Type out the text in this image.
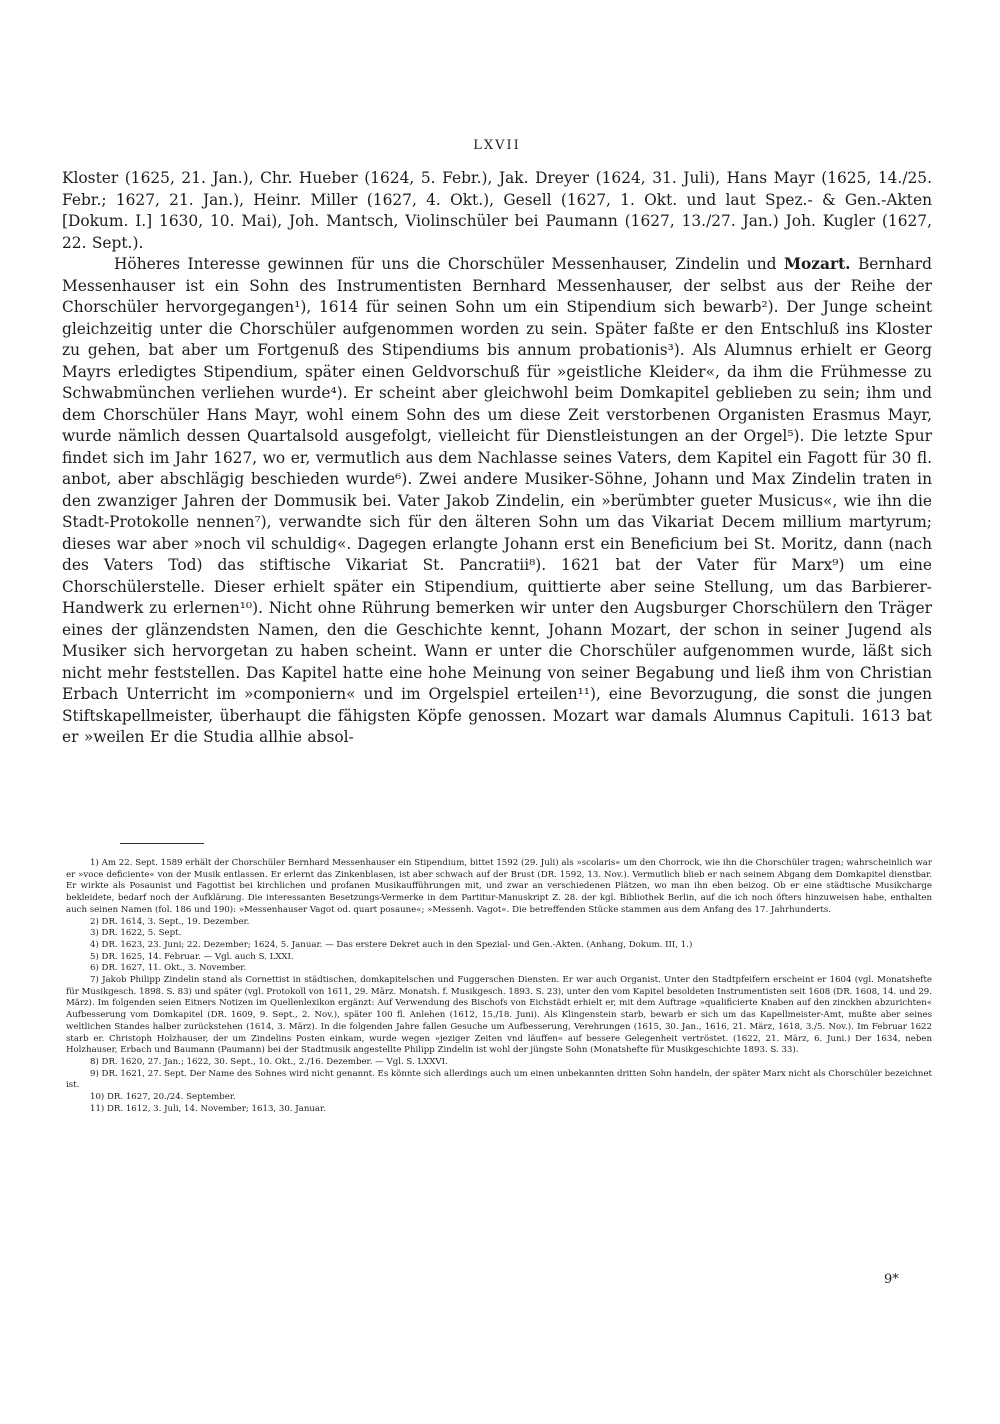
LXVII

Kloster (1625, 21. Jan.), Chr. Hueber (1624, 5. Febr.), Jak. Dreyer (1624, 31. Juli), Hans Mayr (1625, 14./25. Febr.; 1627, 21. Jan.), Heinr. Miller (1627, 4. Okt.), Gesell (1627, 1. Okt. und laut Spez.- & Gen.-Akten [Dokum. I.] 1630, 10. Mai), Joh. Mantsch, Violinschüler bei Paumann (1627, 13./27. Jan.) Joh. Kugler (1627, 22. Sept.).

Höheres Interesse gewinnen für uns die Chorschüler Messenhauser, Zindelin und Mozart. Bernhard Messenhauser ist ein Sohn des Instrumentisten Bernhard Messenhauser, der selbst aus der Reihe der Chorschüler hervorgegangen¹), 1614 für seinen Sohn um ein Stipendium sich bewarb²). Der Junge scheint gleichzeitig unter die Chorschüler aufgenommen worden zu sein. Später faßte er den Entschluß ins Kloster zu gehen, bat aber um Fortgenuß des Stipendiums bis annum probationis³). Als Alumnus erhielt er Georg Mayrs erledigtes Stipendium, später einen Geldvorschuß für »geistliche Kleider«, da ihm die Frühmesse zu Schwabmünchen verliehen wurde⁴). Er scheint aber gleichwohl beim Domkapitel geblieben zu sein; ihm und dem Chorschüler Hans Mayr, wohl einem Sohn des um diese Zeit verstorbenen Organisten Erasmus Mayr, wurde nämlich dessen Quartalsold ausgefolgt, vielleicht für Dienstleistungen an der Orgel⁵). Die letzte Spur findet sich im Jahr 1627, wo er, vermutlich aus dem Nachlasse seines Vaters, dem Kapitel ein Fagott für 30 fl. anbot, aber abschlägig beschieden wurde⁶). Zwei andere Musiker-Söhne, Johann und Max Zindelin traten in den zwanziger Jahren der Dommusik bei. Vater Jakob Zindelin, ein »berümbter gueter Musicus«, wie ihn die Stadt-Protokolle nennen⁷), verwandte sich für den älteren Sohn um das Vikariat Decem millium martyrum; dieses war aber »noch vil schuldig«. Dagegen erlangte Johann erst ein Beneficium bei St. Moritz, dann (nach des Vaters Tod) das stiftische Vikariat St. Pancratii⁸). 1621 bat der Vater für Marx⁹) um eine Chorschülerstelle. Dieser erhielt später ein Stipendium, quittierte aber seine Stellung, um das Barbierer-Handwerk zu erlernen¹⁰). Nicht ohne Rührung bemerken wir unter den Augsburger Chorschülern den Träger eines der glänzendsten Namen, den die Geschichte kennt, Johann Mozart, der schon in seiner Jugend als Musiker sich hervorgetan zu haben scheint. Wann er unter die Chorschüler aufgenommen wurde, läßt sich nicht mehr feststellen. Das Kapitel hatte eine hohe Meinung von seiner Begabung und ließ ihm von Christian Erbach Unterricht im »componiern« und im Orgelspiel erteilen¹¹), eine Bevorzugung, die sonst die jungen Stiftskapellmeister, überhaupt die fähigsten Köpfe genossen. Mozart war damals Alumnus Capituli. 1613 bat er »weilen Er die Studia allhie absol-

1) Am 22. Sept. 1589 erhält der Chorschüler Bernhard Messenhauser ein Stipendium, bittet 1592 (29. Juli) als »scolaris« um den Chorrock, wie ihn die Chorschüler tragen; wahrscheinlich war er »voce deficiente« von der Musik entlassen. Er erlernt das Zinkenblasen, ist aber schwach auf der Brust (DR. 1592, 13. Nov.). Vermutlich blieb er nach seinem Abgang dem Domkapitel dienstbar. Er wirkte als Posaunist und Fagottist bei kirchlichen und profanen Musikaufführungen mit, und zwar an verschiedenen Plätzen, wo man ihn eben beizog. Ob er eine städtische Musikcharge bekleidete, bedarf noch der Aufklärung. Die interessanten Besetzungs-Vermerke in dem Partitur-Manuskript Z. 28. der kgl. Bibliothek Berlin, auf die ich noch öfters hinzuweisen habe, enthalten auch seinen Namen (fol. 186 und 190): »Messenhauser Vagot od. quart posaune«; »Messenh. Vagot«. Die betreffenden Stücke stammen aus dem Anfang des 17. Jahrhunderts.

2) DR. 1614, 3. Sept., 19. Dezember.

3) DR. 1622, 5. Sept.

4) DR. 1623, 23. Juni; 22. Dezember; 1624, 5. Januar. — Das erstere Dekret auch in den Spezial- und Gen.-Akten. (Anhang, Dokum. III, 1.)

5) DR. 1625, 14. Februar. — Vgl. auch S. LXXI.

6) DR. 1627, 11. Okt., 3. November.

7) Jakob Philipp Zindelin stand als Cornettist in städtischen, domkapitelschen und Fuggerschen Diensten. Er war auch Organist. Unter den Stadtpfeifern erscheint er 1604 (vgl. Monatshefte für Musikgesch. 1898. S. 83) und später (vgl. Protokoll von 1611, 29. März. Monatsh. f. Musikgesch. 1893. S. 23), unter den vom Kapitel besoldeten Instrumentisten seit 1608 (DR. 1608, 14. und 29. März). Im folgenden seien Eitners Notizen im Quellenlexikon ergänzt: Auf Verwendung des Bischofs von Eichstädt erhielt er, mit dem Auftrage »qualificierte Knaben auf den zinckhen abzurichten« Aufbesserung vom Domkapitel (DR. 1609, 9. Sept., 2. Nov.), später 100 fl. Anlehen (1612, 15./18. Juni). Als Klingenstein starb, bewarb er sich um das Kapellmeister-Amt, mußte aber seines weltlichen Standes halber zurückstehen (1614, 3. März). In die folgenden Jahre fallen Gesuche um Aufbesserung, Verehrungen (1615, 30. Jan., 1616, 21. März, 1618, 3./5. Nov.). Im Februar 1622 starb er. Christoph Holzhauser, der um Zindelins Posten einkam, wurde wegen »jeziger Zeiten vnd läuffen« auf bessere Gelegenheit vertröstet. (1622, 21. März, 6. Juni.) Der 1634, neben Holzhauser, Erbach und Baumann (Paumann) bei der Stadtmusik angestellte Philipp Zindelin ist wohl der jüngste Sohn (Monatshefte für Musikgeschichte 1893. S. 33).

8) DR. 1620, 27. Jan.; 1622, 30. Sept., 10. Okt., 2./16. Dezember. — Vgl. S. LXXVI.

9) DR. 1621, 27. Sept. Der Name des Sohnes wird nicht genannt. Es könnte sich allerdings auch um einen unbekannten dritten Sohn handeln, der später Marx nicht als Chorschüler bezeichnet ist.

10) DR. 1627, 20./24. September.

11) DR. 1612, 3. Juli, 14. November; 1613, 30. Januar.

9*
